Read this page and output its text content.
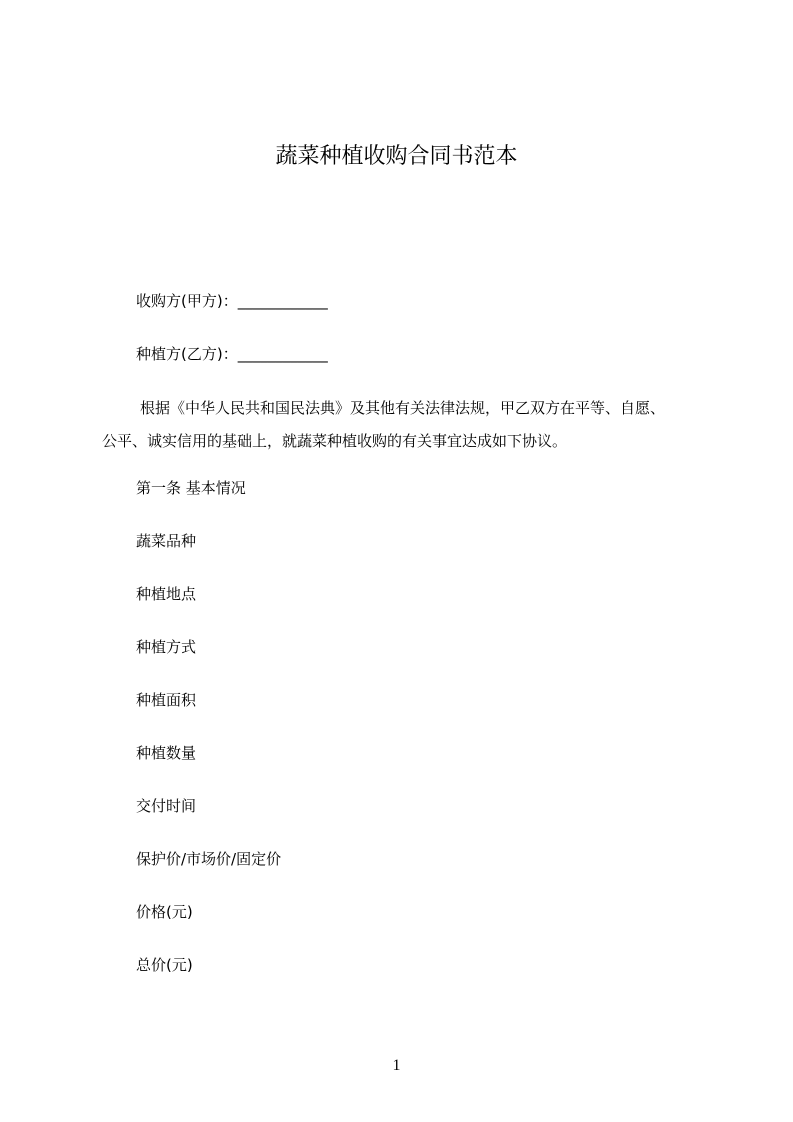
蔬菜种植收购合同书范本
收购方(甲方)：____________
种植方(乙方)：____________
根据《中华人民共和国民法典》及其他有关法律法规，甲乙双方在平等、自愿、
公平、诚实信用的基础上，就蔬菜种植收购的有关事宜达成如下协议。
第一条 基本情况
蔬菜品种
种植地点
种植方式
种植面积
种植数量
交付时间
保护价/市场价/固定价
价格(元)
总价(元)
1
